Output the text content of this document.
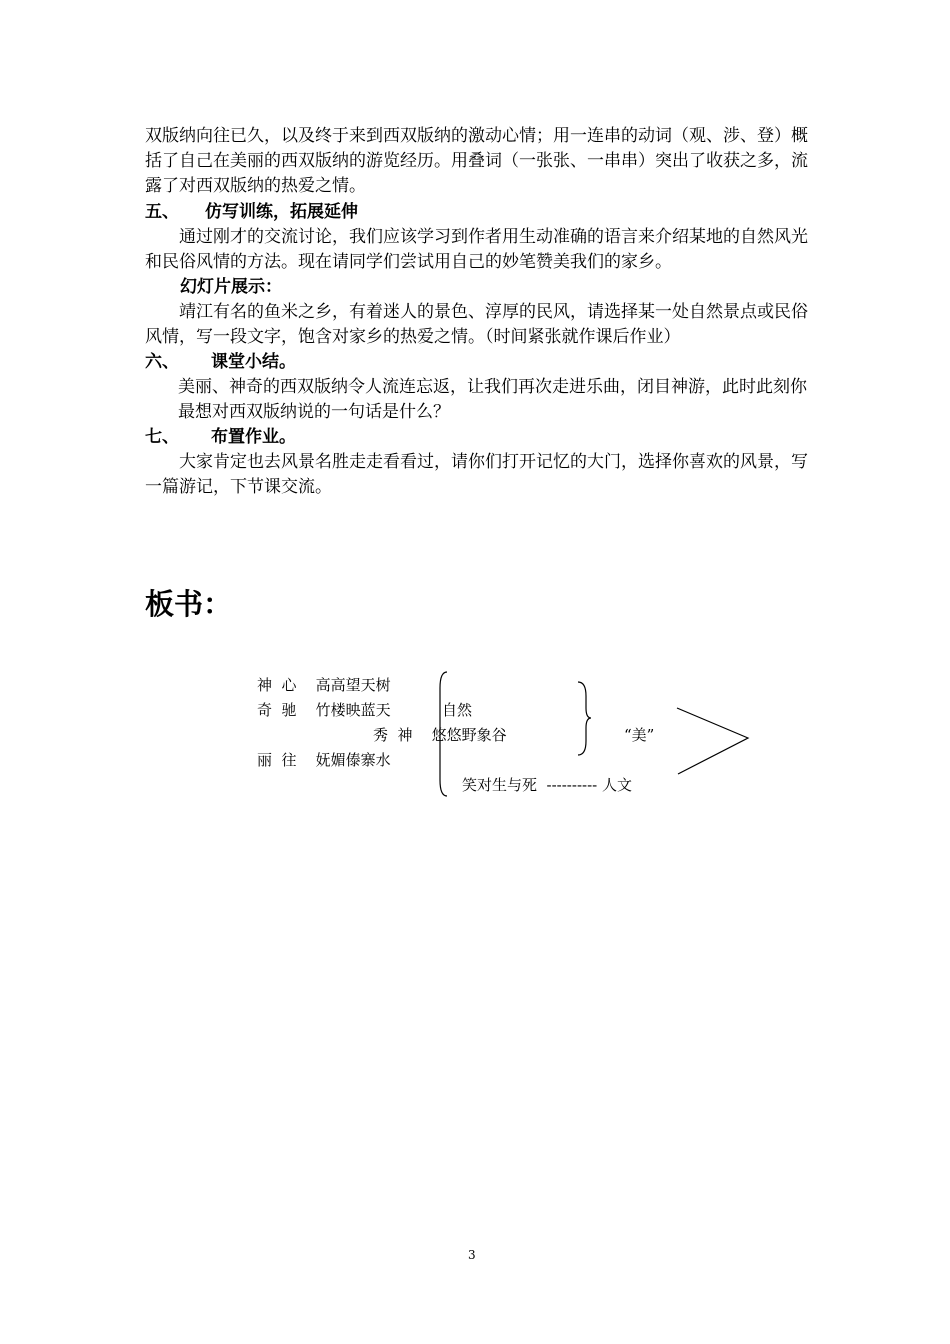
双版纳向往已久，以及终于来到西双版纳的激动心情；用一连串的动词（观、涉、登）概括了自己在美丽的西双版纳的游览经历。用叠词（一张张、一串串）突出了收获之多，流露了对西双版纳的热爱之情。

五、 仿写训练，拓展延伸

通过刚才的交流讨论，我们应该学习到作者用生动准确的语言来介绍某地的自然风光和民俗风情的方法。现在请同学们尝试用自己的妙笔赞美我们的家乡。

幻灯片展示：

靖江有名的鱼米之乡，有着迷人的景色、淳厚的民风，请选择某一处自然景点或民俗风情，写一段文字，饱含对家乡的热爱之情。（时间紧张就作课后作业）

六、 课堂小结。

美丽、神奇的西双版纳令人流连忘返，让我们再次走进乐曲，闭目神游，此时此刻你最想对西双版纳说的一句话是什么？

七、 布置作业。

大家肯定也去风景名胜走走看看过，请你们打开记忆的大门，选择你喜欢的风景，写一篇游记，下节课交流。

板书：
神  心    高高望天树
奇  驰    竹楼映蓝天
秀  神    悠悠野象谷
丽  往    妩媚傣寨水
自然
“美”
笑对生与死  ---------- 人文
3
